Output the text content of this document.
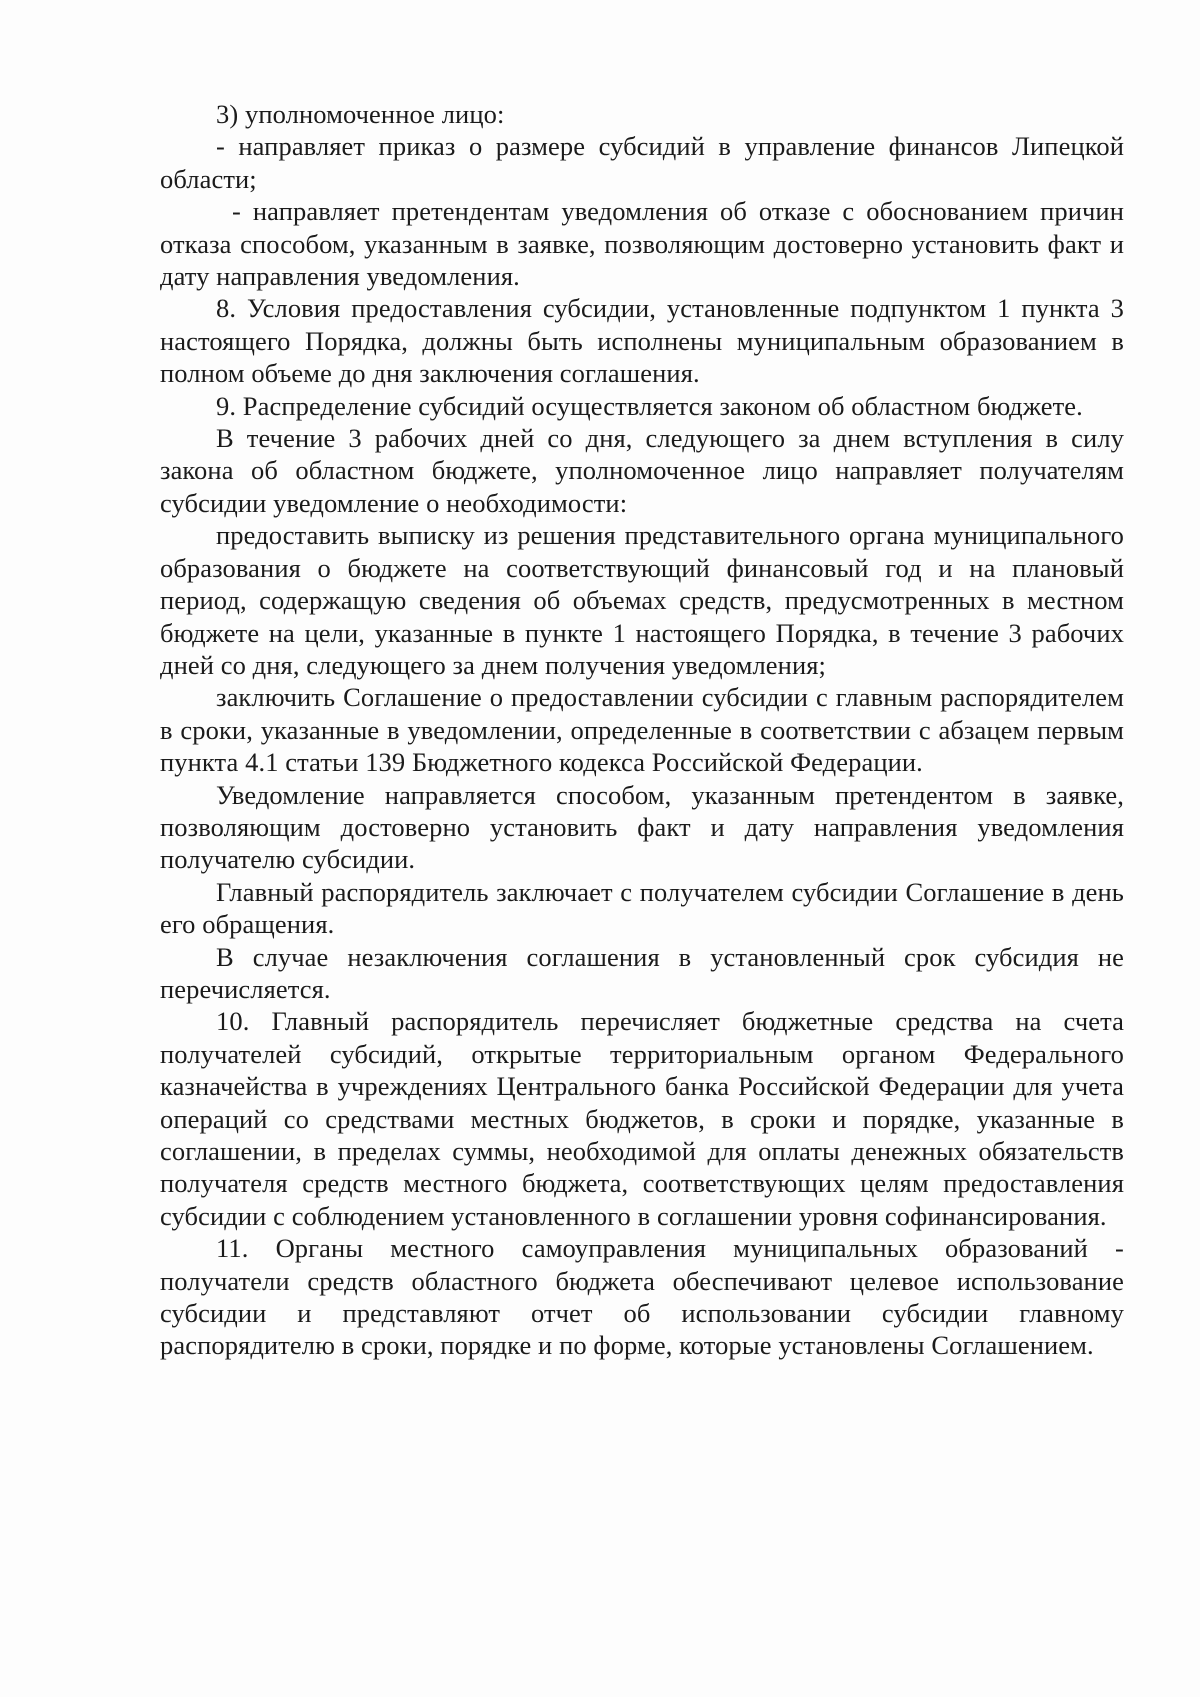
3) уполномоченное лицо:

- направляет приказ о размере субсидий в управление финансов Липецкой области;

- направляет претендентам уведомления об отказе с обоснованием причин отказа способом, указанным в заявке, позволяющим достоверно установить факт и дату направления уведомления.

8. Условия предоставления субсидии, установленные подпунктом 1 пункта 3 настоящего Порядка, должны быть исполнены муниципальным образованием в полном объеме до дня заключения соглашения.

9. Распределение субсидий осуществляется законом об областном бюджете.

В течение 3 рабочих дней со дня, следующего за днем вступления в силу закона об областном бюджете, уполномоченное лицо направляет получателям субсидии уведомление о необходимости:

предоставить выписку из решения представительного органа муниципального образования о бюджете на соответствующий финансовый год и на плановый период, содержащую сведения об объемах средств, предусмотренных в местном бюджете на цели, указанные в пункте 1 настоящего Порядка, в течение 3 рабочих дней со дня, следующего за днем получения уведомления;

заключить Соглашение о предоставлении субсидии с главным распорядителем в сроки, указанные в уведомлении, определенные в соответствии с абзацем первым пункта 4.1 статьи 139 Бюджетного кодекса Российской Федерации.

Уведомление направляется способом, указанным претендентом в заявке, позволяющим достоверно установить факт и дату направления уведомления получателю субсидии.

Главный распорядитель заключает с получателем субсидии Соглашение в день его обращения.

В случае незаключения соглашения в установленный срок субсидия не перечисляется.

10. Главный распорядитель перечисляет бюджетные средства на счета получателей субсидий, открытые территориальным органом Федерального казначейства в учреждениях Центрального банка Российской Федерации для учета операций со средствами местных бюджетов, в сроки и порядке, указанные в соглашении, в пределах суммы, необходимой для оплаты денежных обязательств получателя средств местного бюджета, соответствующих целям предоставления субсидии с соблюдением установленного в соглашении уровня софинансирования.

11. Органы местного самоуправления муниципальных образований - получатели средств областного бюджета обеспечивают целевое использование субсидии и представляют отчет об использовании субсидии главному распорядителю в сроки, порядке и по форме, которые установлены Соглашением.
